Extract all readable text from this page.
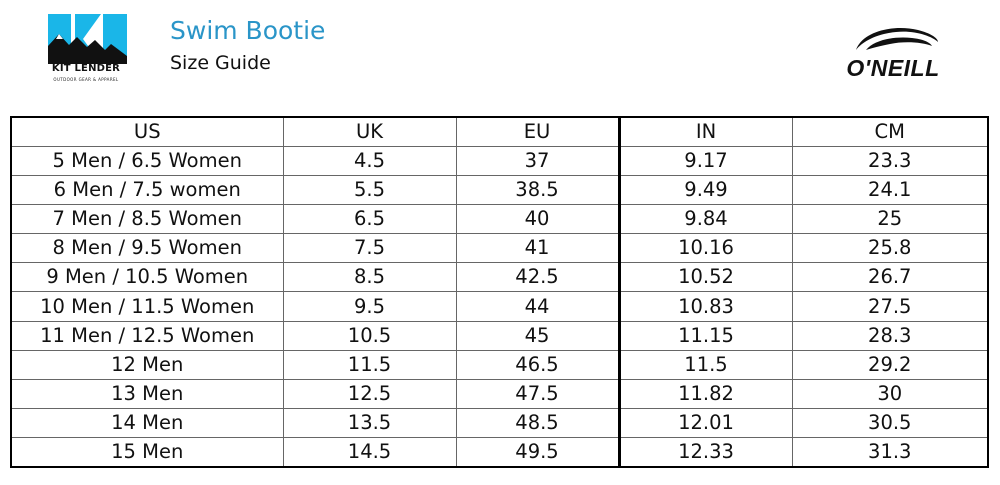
KIT LENDER
OUTDOOR GEAR & APPAREL
Swim Bootie
Size Guide	O'NEILL
US	UK	EU	IN	CM
5 Men / 6.5 Women	4.5	37	9.17	23.3
6 Men / 7.5 women	5.5	38.5	9.49	24.1
7 Men / 8.5 Women	6.5	40	9.84	25
8 Men / 9.5 Women	7.5	41	10.16	25.8
9 Men / 10.5 Women	8.5	42.5	10.52	26.7
10 Men / 11.5 Women	9.5	44	10.83	27.5
11 Men / 12.5 Women	10.5	45	11.15	28.3
12 Men	11.5	46.5	11.5	29.2
13 Men	12.5	47.5	11.82	30
14 Men	13.5	48.5	12.01	30.5
15 Men	14.5	49.5	12.33	31.3
